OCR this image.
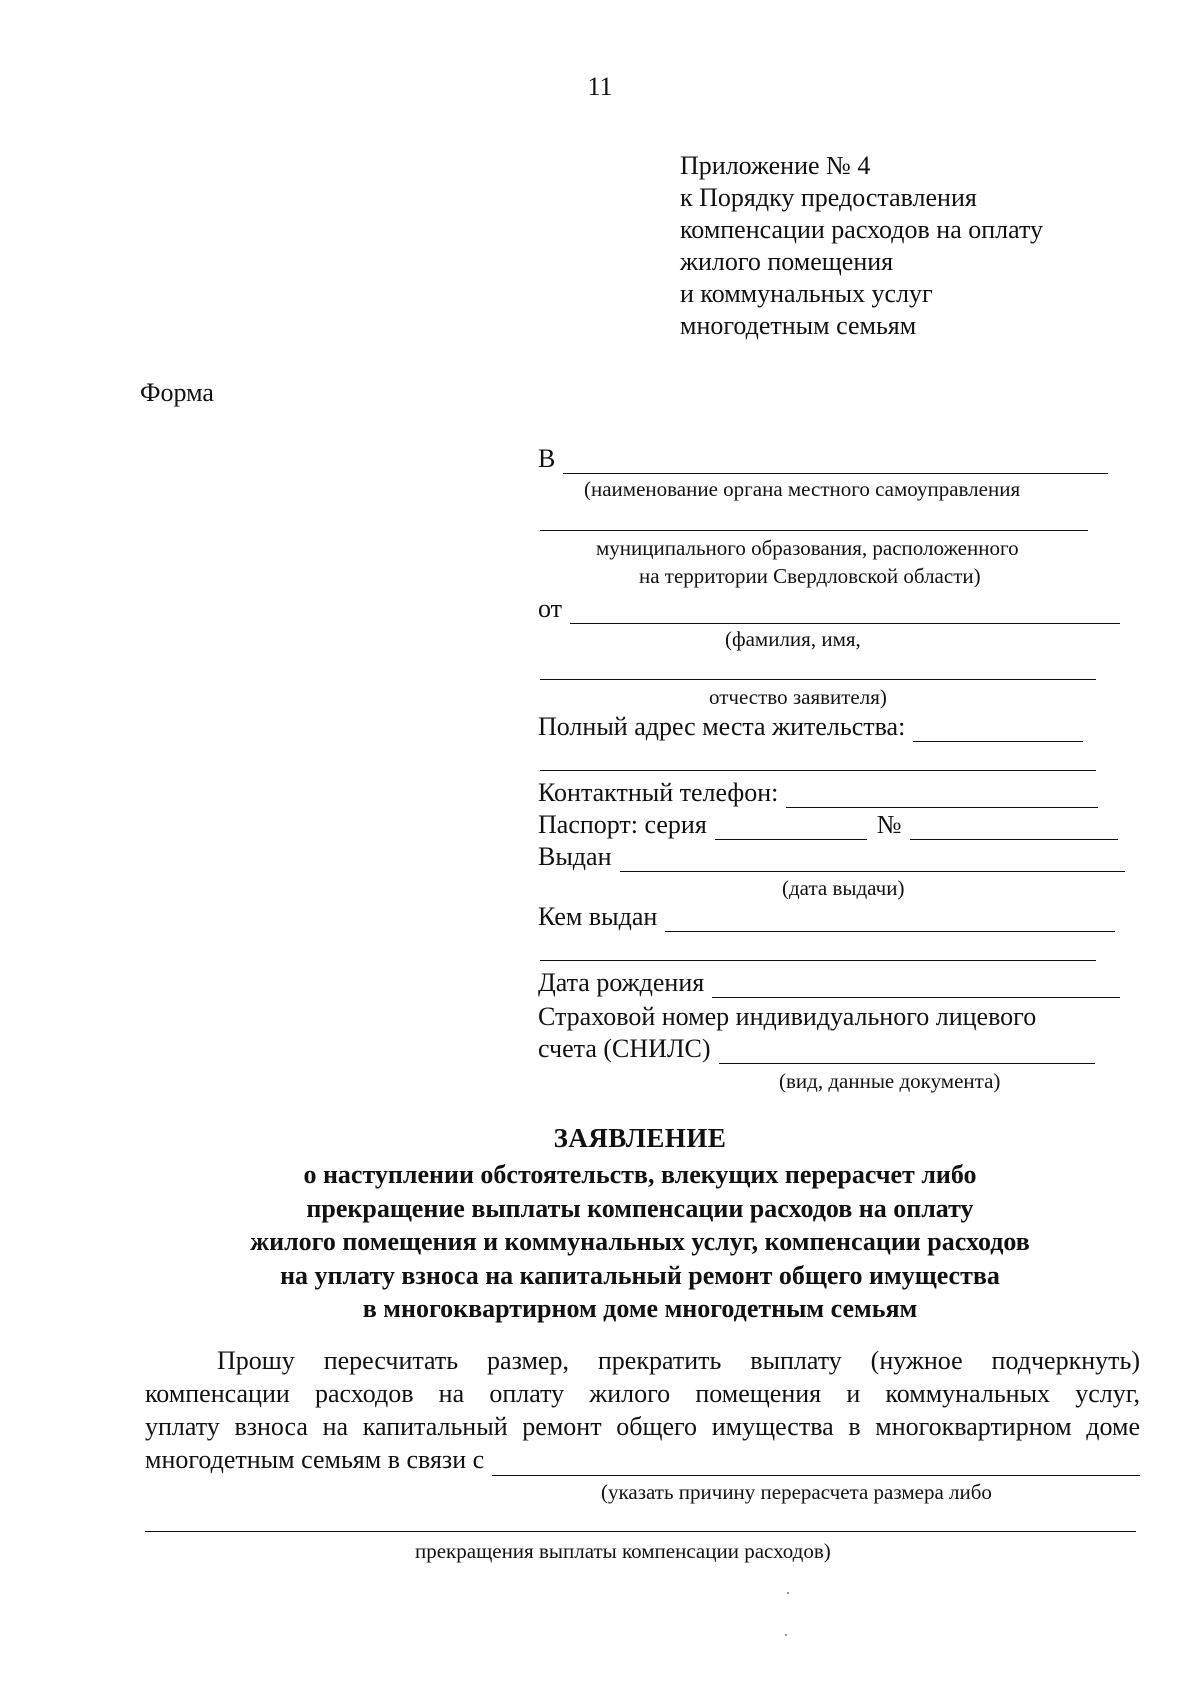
11
Приложение № 4
к Порядку предоставления
компенсации расходов на оплату
жилого помещения
и коммунальных услуг
многодетным семьям
Форма
В
(наименование органа местного самоуправления
муниципального образования, расположенного
на территории Свердловской области)
от
(фамилия, имя,
отчество заявителя)
Полный адрес места жительства:
Контактный телефон:
Паспорт: серия	№
Выдан
(дата выдачи)
Кем выдан
Дата рождения
Страховой номер индивидуального лицевого
счета (СНИЛС)
(вид, данные документа)
ЗАЯВЛЕНИЕ
о наступлении обстоятельств, влекущих перерасчет либо
прекращение выплаты компенсации расходов на оплату
жилого помещения и коммунальных услуг, компенсации расходов
на уплату взноса на капитальный ремонт общего имущества
в многоквартирном доме многодетным семьям
Прошу пересчитать размер, прекратить выплату (нужное подчеркнуть)
компенсации расходов на оплату жилого помещения и коммунальных услуг,
уплату взноса на капитальный ремонт общего имущества в многоквартирном доме
многодетным семьям в связи с
(указать причину перерасчета размера либо
прекращения выплаты компенсации расходов)
